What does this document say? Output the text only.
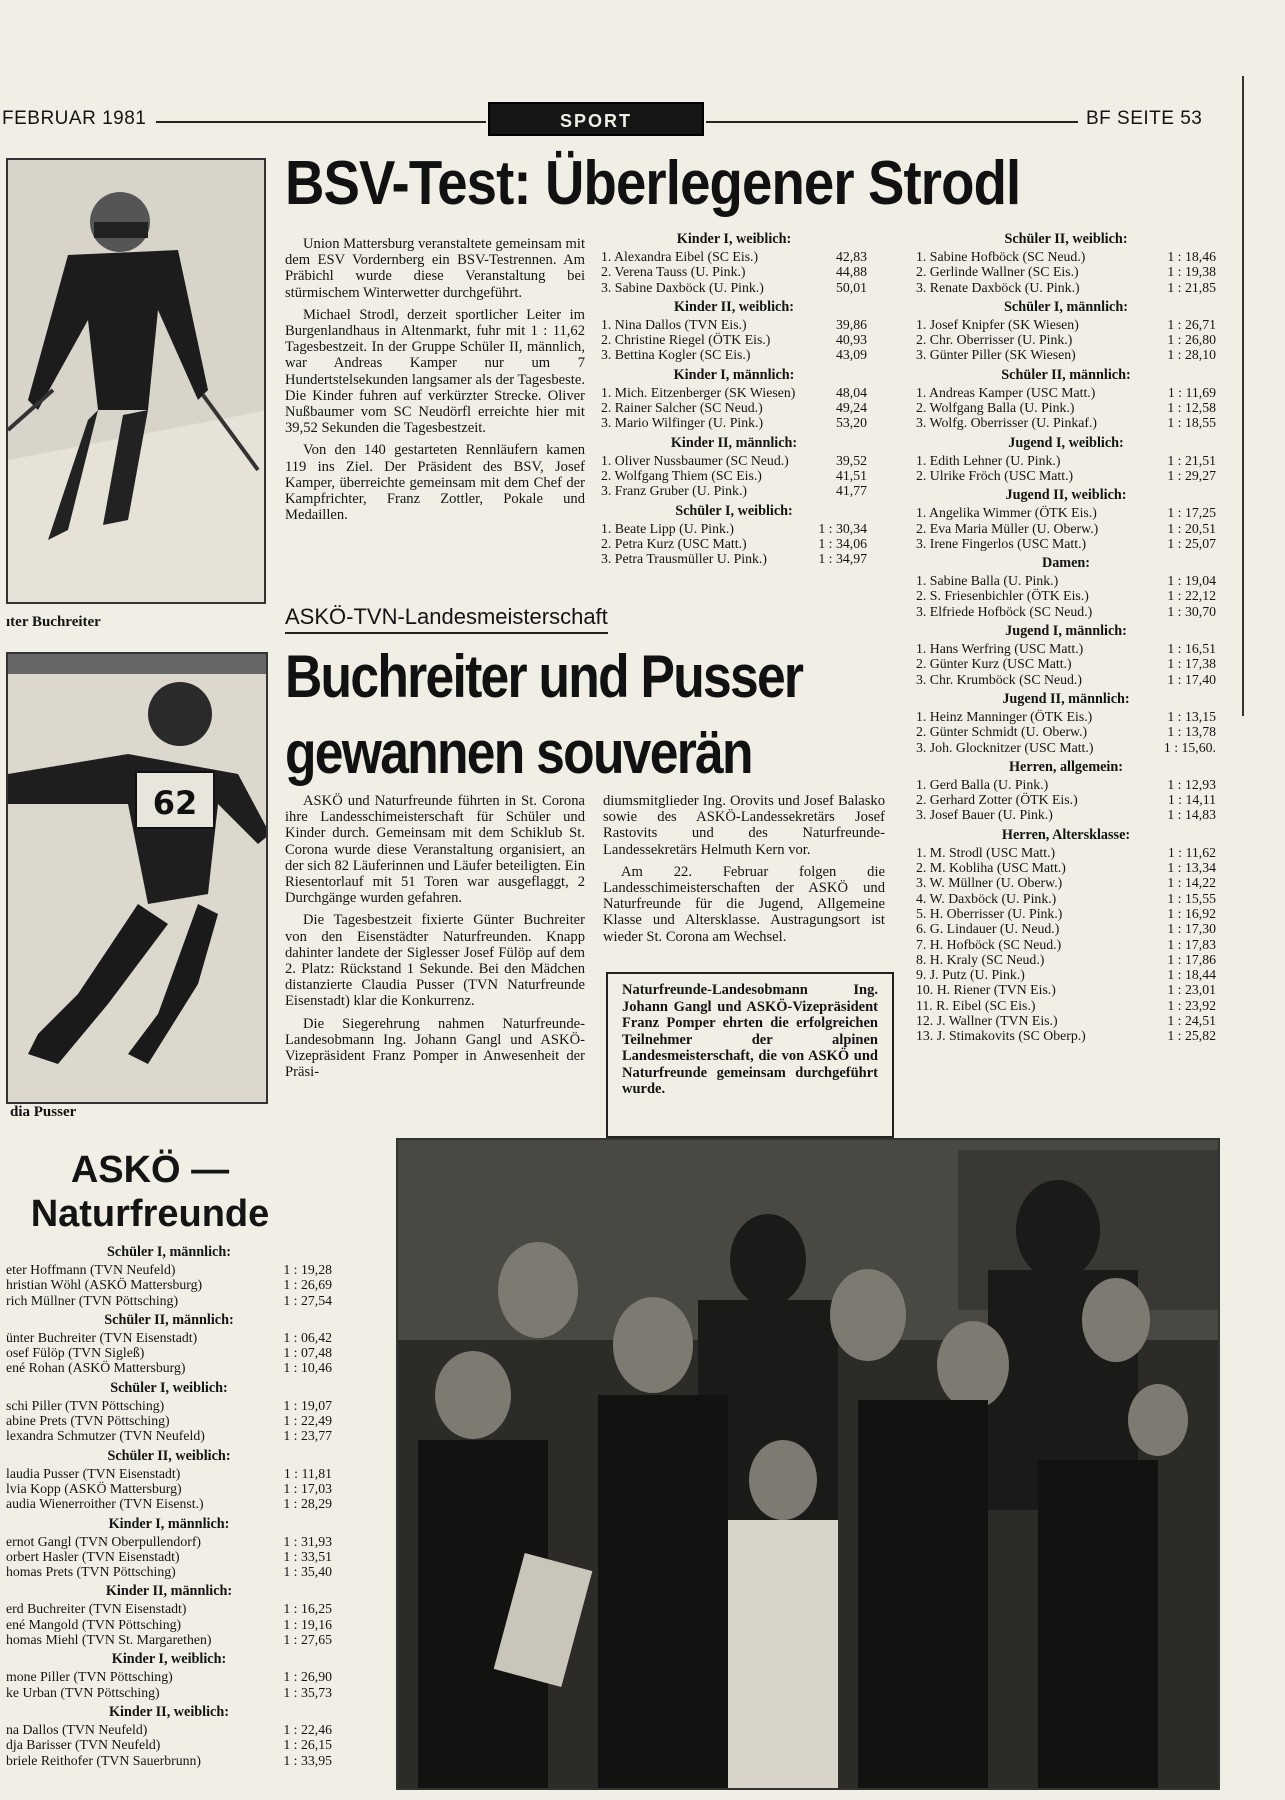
FEBRUAR 1981	SPORT	BF SEITE 53
ıter Buchreiter
62
dia Pusser
BSV-Test: Überlegener Strodl

Union Mattersburg veranstaltete gemeinsam mit dem ESV Vordernberg ein BSV-Testrennen. Am Präbichl wurde diese Veranstaltung bei stürmischem Winterwetter durchgeführt.

Michael Strodl, derzeit sportlicher Leiter im Burgenlandhaus in Altenmarkt, fuhr mit 1 : 11,62 Tagesbestzeit. In der Gruppe Schüler II, männlich, war Andreas Kamper nur um 7 Hundertstelsekunden langsamer als der Tagesbeste. Die Kinder fuhren auf verkürzter Strecke. Oliver Nußbaumer vom SC Neudörfl erreichte hier mit 39,52 Sekunden die Tagesbestzeit.

Von den 140 gestarteten Rennläufern kamen 119 ins Ziel. Der Präsident des BSV, Josef Kamper, überreichte gemeinsam mit dem Chef der Kampfrichter, Franz Zottler, Pokale und Medaillen.

Kinder I, weiblich:
1. Alexandra Eibel (SC Eis.)	42,83
2. Verena Tauss (U. Pink.)	44,88
3. Sabine Daxböck (U. Pink.)	50,01
Kinder II, weiblich:
1. Nina Dallos (TVN Eis.)	39,86
2. Christine Riegel (ÖTK Eis.)	40,93
3. Bettina Kogler (SC Eis.)	43,09
Kinder I, männlich:
1. Mich. Eitzenberger (SK Wiesen)	48,04
2. Rainer Salcher (SC Neud.)	49,24
3. Mario Wilfinger (U. Pink.)	53,20
Kinder II, männlich:
1. Oliver Nussbaumer (SC Neud.)	39,52
2. Wolfgang Thiem (SC Eis.)	41,51
3. Franz Gruber (U. Pink.)	41,77
Schüler I, weiblich:
1. Beate Lipp (U. Pink.)	1 : 30,34
2. Petra Kurz (USC Matt.)	1 : 34,06
3. Petra Trausmüller U. Pink.)	1 : 34,97
Schüler II, weiblich:
1. Sabine Hofböck (SC Neud.)	1 : 18,46
2. Gerlinde Wallner (SC Eis.)	1 : 19,38
3. Renate Daxböck (U. Pink.)	1 : 21,85
Schüler I, männlich:
1. Josef Knipfer (SK Wiesen)	1 : 26,71
2. Chr. Oberrisser (U. Pink.)	1 : 26,80
3. Günter Piller (SK Wiesen)	1 : 28,10
Schüler II, männlich:
1. Andreas Kamper (USC Matt.)	1 : 11,69
2. Wolfgang Balla (U. Pink.)	1 : 12,58
3. Wolfg. Oberrisser (U. Pinkaf.)	1 : 18,55
Jugend I, weiblich:
1. Edith Lehner (U. Pink.)	1 : 21,51
2. Ulrike Fröch (USC Matt.)	1 : 29,27
Jugend II, weiblich:
1. Angelika Wimmer (ÖTK Eis.)	1 : 17,25
2. Eva Maria Müller (U. Oberw.)	1 : 20,51
3. Irene Fingerlos (USC Matt.)	1 : 25,07
Damen:
1. Sabine Balla (U. Pink.)	1 : 19,04
2. S. Friesenbichler (ÖTK Eis.)	1 : 22,12
3. Elfriede Hofböck (SC Neud.)	1 : 30,70
Jugend I, männlich:
1. Hans Werfring (USC Matt.)	1 : 16,51
2. Günter Kurz (USC Matt.)	1 : 17,38
3. Chr. Krumböck (SC Neud.)	1 : 17,40
Jugend II, männlich:
1. Heinz Manninger (ÖTK Eis.)	1 : 13,15
2. Günter Schmidt (U. Oberw.)	1 : 13,78
3. Joh. Glocknitzer (USC Matt.)	1 : 15,60.
Herren, allgemein:
1. Gerd Balla (U. Pink.)	1 : 12,93
2. Gerhard Zotter (ÖTK Eis.)	1 : 14,11
3. Josef Bauer (U. Pink.)	1 : 14,83
Herren, Altersklasse:
1. M. Strodl (USC Matt.)	1 : 11,62
2. M. Kobliha (USC Matt.)	1 : 13,34
3. W. Müllner (U. Oberw.)	1 : 14,22
4. W. Daxböck (U. Pink.)	1 : 15,55
5. H. Oberrisser (U. Pink.)	1 : 16,92
6. G. Lindauer (U. Neud.)	1 : 17,30
7. H. Hofböck (SC Neud.)	1 : 17,83
8. H. Kraly (SC Neud.)	1 : 17,86
9. J. Putz (U. Pink.)	1 : 18,44
10. H. Riener (TVN Eis.)	1 : 23,01
11. R. Eibel (SC Eis.)	1 : 23,92
12. J. Wallner (TVN Eis.)	1 : 24,51
13. J. Stimakovits (SC Oberp.)	1 : 25,82
ASKÖ-TVN-Landesmeisterschaft
Buchreiter und Pusser
gewannen souverän

ASKÖ und Naturfreunde führten in St. Corona ihre Landesschimeisterschaft für Schüler und Kinder durch. Gemeinsam mit dem Schiklub St. Corona wurde diese Veranstaltung organisiert, an der sich 82 Läuferinnen und Läufer beteiligten. Ein Riesentorlauf mit 51 Toren war ausgeflaggt, 2 Durchgänge wurden gefahren.

Die Tagesbestzeit fixierte Günter Buchreiter von den Eisenstädter Naturfreunden. Knapp dahinter landete der Siglesser Josef Fülöp auf dem 2. Platz: Rückstand 1 Sekunde. Bei den Mädchen distanzierte Claudia Pusser (TVN Naturfreunde Eisenstadt) klar die Konkurrenz.

Die Siegerehrung nahmen Naturfreunde-Landesobmann Ing. Johann Gangl und ASKÖ-Vizepräsident Franz Pomper in Anwesenheit der Präsi-

diumsmitglieder Ing. Orovits und Josef Balasko sowie des ASKÖ-Landessekretärs Josef Rastovits und des Naturfreunde-Landessekretärs Helmuth Kern vor.

Am 22. Februar folgen die Landesschimeisterschaften der ASKÖ und Naturfreunde für die Jugend, Allgemeine Klasse und Altersklasse. Austragungsort ist wieder St. Corona am Wechsel.

Naturfreunde-Landesobmann Ing. Johann Gangl und ASKÖ-Vizepräsident Franz Pomper ehrten die erfolgreichen Teilnehmer der alpinen Landesmeisterschaft, die von ASKÖ und Naturfreunde gemeinsam durchgeführt wurde.
ASKÖ —
Naturfreunde
Schüler I, männlich:
eter Hoffmann (TVN Neufeld)	1 : 19,28
hristian Wöhl (ASKÖ Mattersburg)	1 : 26,69
rich Müllner (TVN Pöttsching)	1 : 27,54
Schüler II, männlich:
ünter Buchreiter (TVN Eisenstadt)	1 : 06,42
osef Fülöp (TVN Sigleß)	1 : 07,48
ené Rohan (ASKÖ Mattersburg)	1 : 10,46
Schüler I, weiblich:
schi Piller (TVN Pöttsching)	1 : 19,07
abine Prets (TVN Pöttsching)	1 : 22,49
lexandra Schmutzer (TVN Neufeld)	1 : 23,77
Schüler II, weiblich:
laudia Pusser (TVN Eisenstadt)	1 : 11,81
lvia Kopp (ASKÖ Mattersburg)	1 : 17,03
audia Wienerroither (TVN Eisenst.)	1 : 28,29
Kinder I, männlich:
ernot Gangl (TVN Oberpullendorf)	1 : 31,93
orbert Hasler (TVN Eisenstadt)	1 : 33,51
homas Prets (TVN Pöttsching)	1 : 35,40
Kinder II, männlich:
erd Buchreiter (TVN Eisenstadt)	1 : 16,25
ené Mangold (TVN Pöttsching)	1 : 19,16
homas Miehl (TVN St. Margarethen)	1 : 27,65
Kinder I, weiblich:
mone Piller (TVN Pöttsching)	1 : 26,90
ke Urban (TVN Pöttsching)	1 : 35,73
Kinder II, weiblich:
na Dallos (TVN Neufeld)	1 : 22,46
dja Barisser (TVN Neufeld)	1 : 26,15
briele Reithofer (TVN Sauerbrunn)	1 : 33,95
